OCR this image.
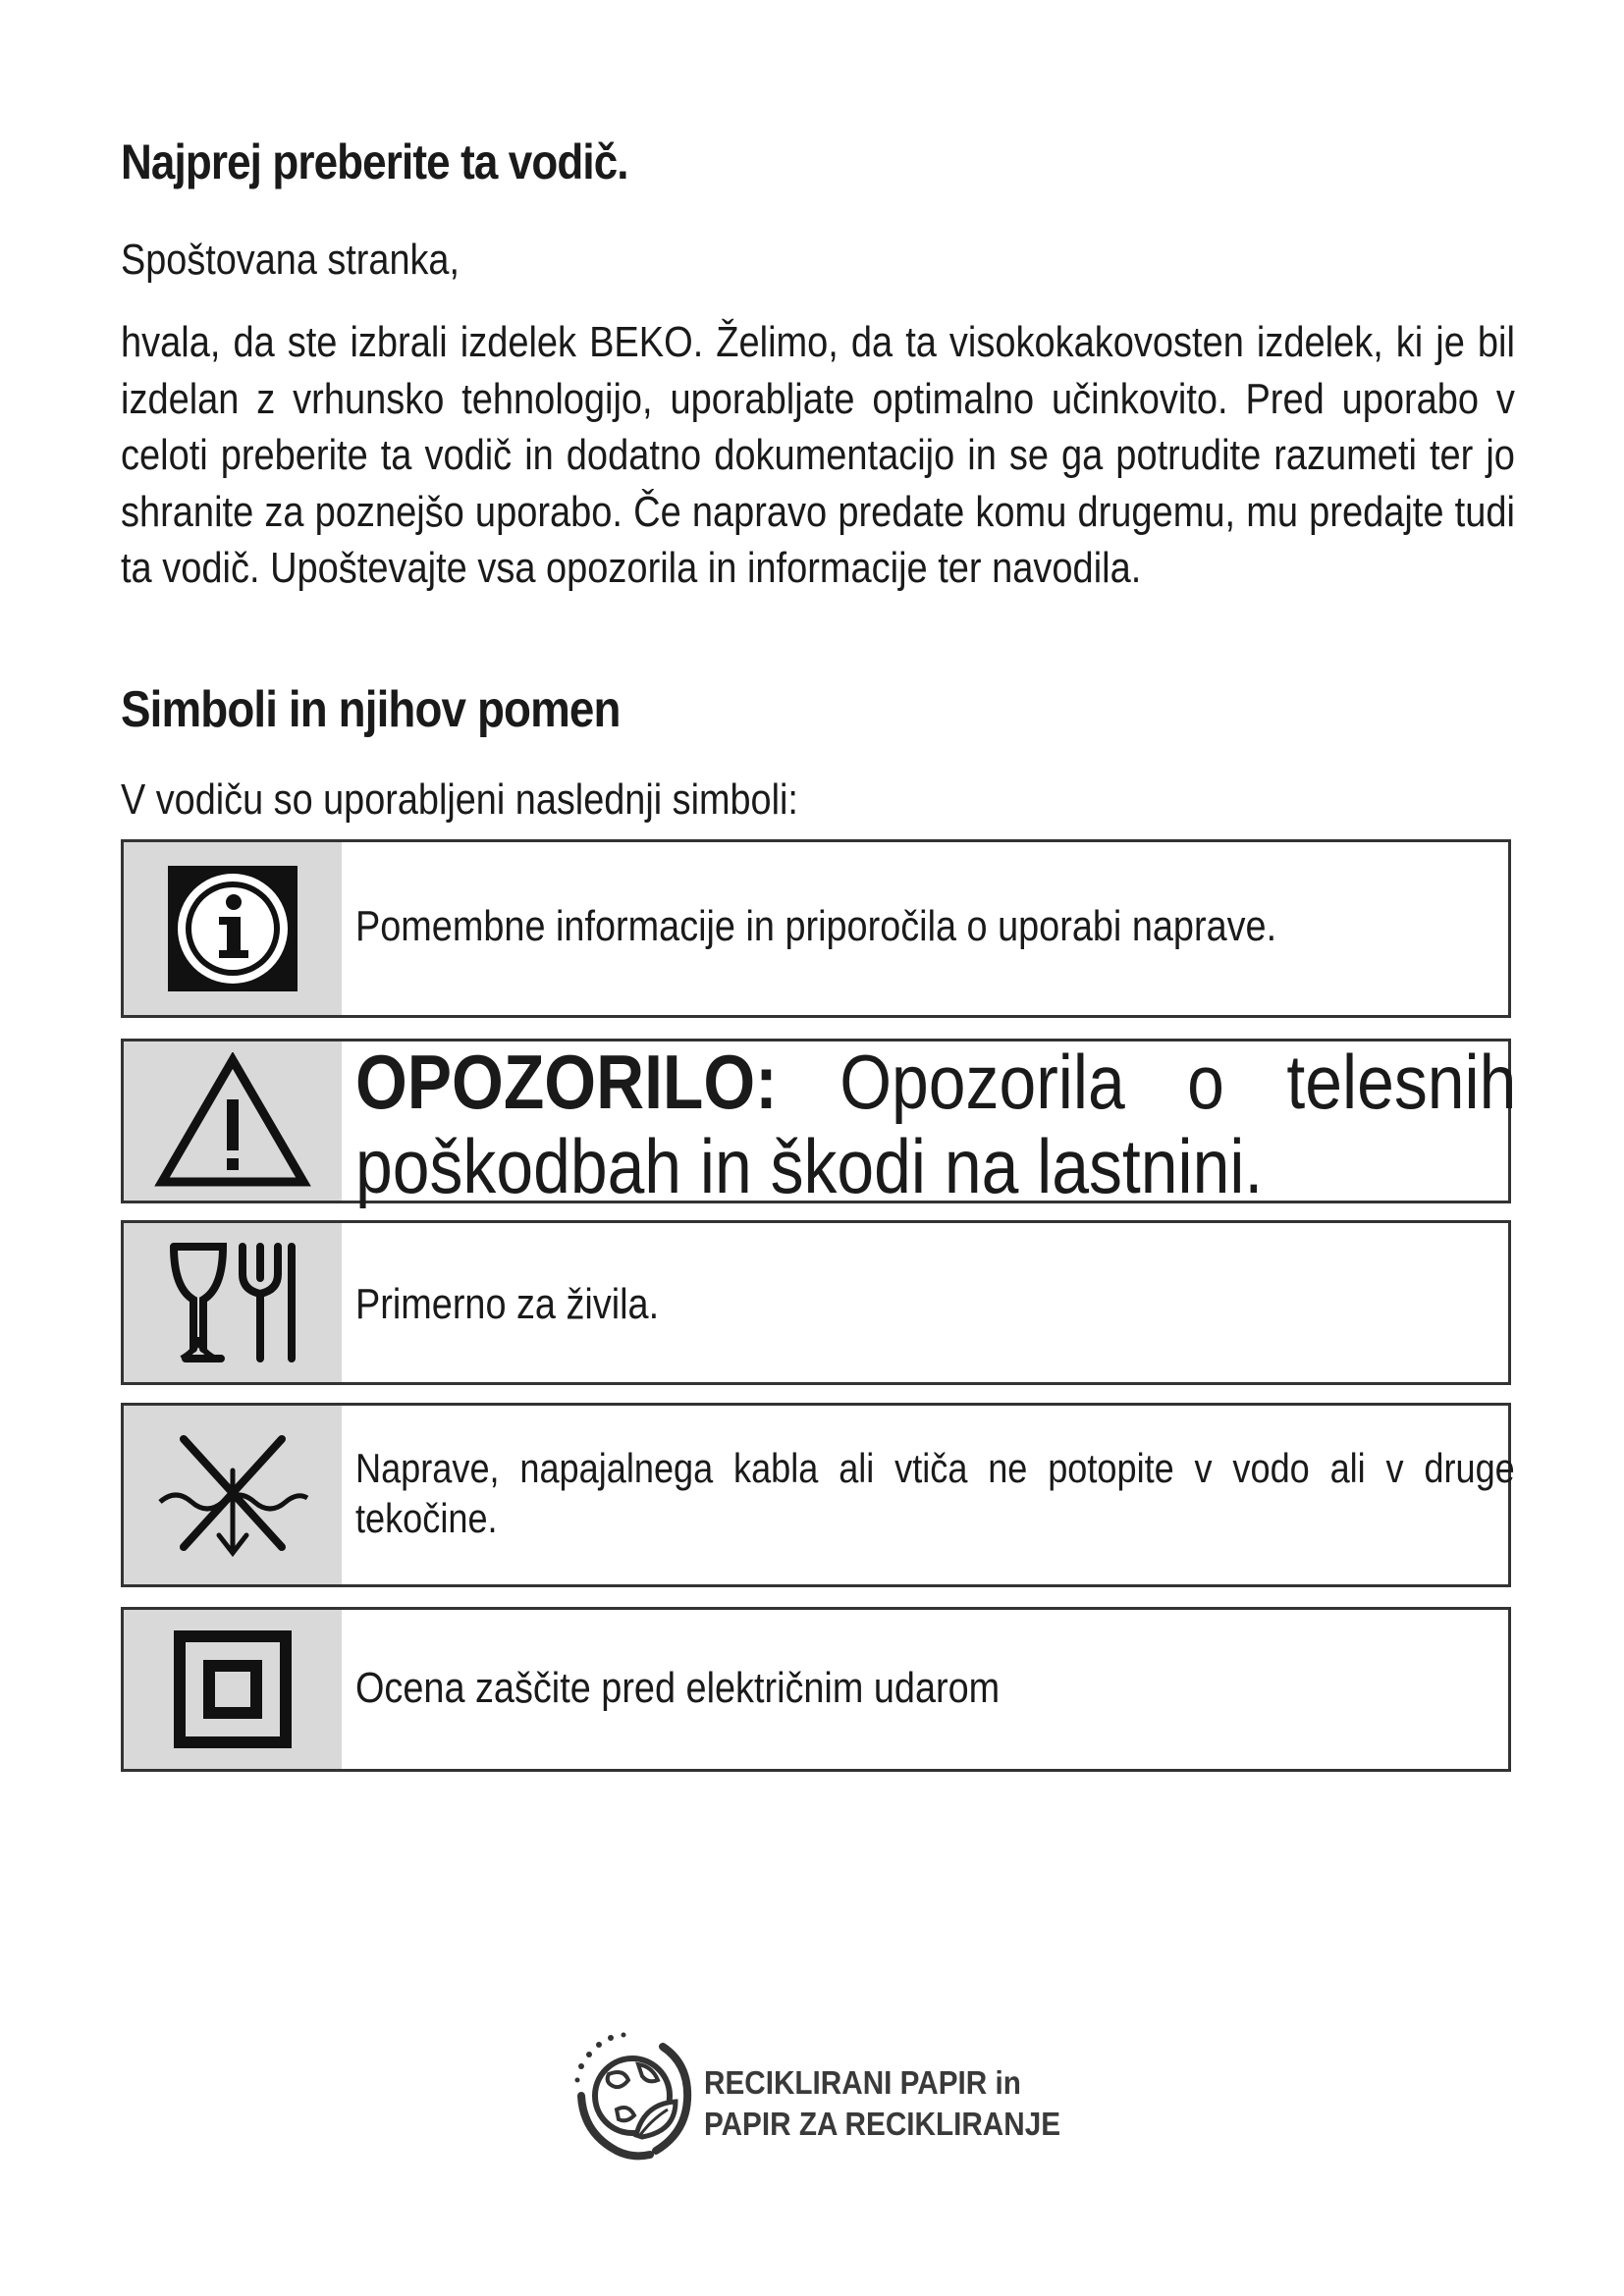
Najprej preberite ta vodič.

Spoštovana stranka,

hvala, da ste izbrali izdelek BEKO. Želimo, da ta visokokakovosten izdelek, ki je bil izdelan z vrhunsko tehnologijo, uporabljate optimalno učinkovito. Pred uporabo v celoti preberite ta vodič in dodatno dokumentacijo in se ga potrudite razumeti ter jo shranite za poznejšo uporabo. Če napravo predate komu drugemu, mu predajte tudi ta vodič. Upoštevajte vsa opozorila in informacije ter navodila.

Simboli in njihov pomen

V vodiču so uporabljeni naslednji simboli:

Pomembne informacije in priporočila o uporabi naprave.

OPOZORILO: Opozorila o telesnih poškodbah in škodi na lastnini.

Primerno za živila.

Naprave, napajalnega kabla ali vtiča ne potopite v vodo ali v druge tekočine.

Ocena zaščite pred električnim udarom

RECIKLIRANI PAPIR in
PAPIR ZA RECIKLIRANJE
